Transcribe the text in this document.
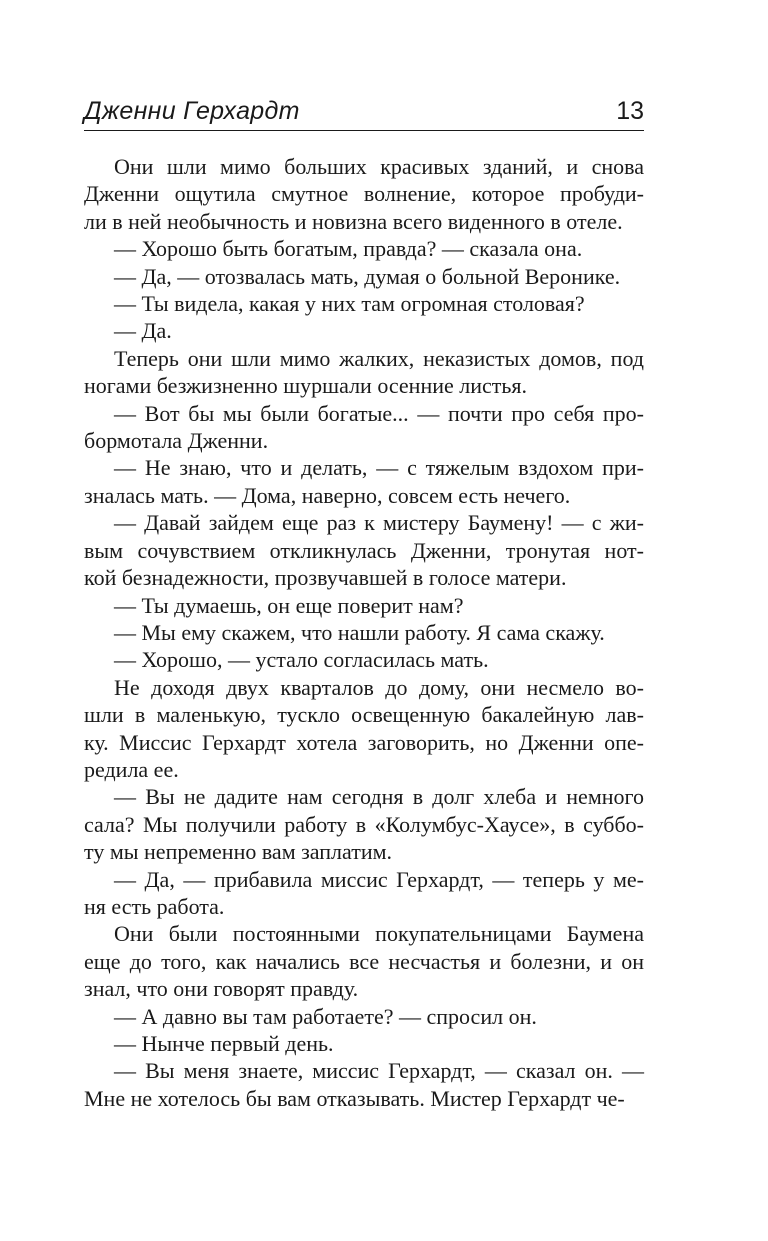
Дженни Герхардт	13
Они шли мимо больших красивых зданий, и снова
Дженни ощутила смутное волнение, которое пробуди-
ли в ней необычность и новизна всего виденного в отеле.
— Хорошо быть богатым, правда? — сказала она.
— Да, — отозвалась мать, думая о больной Веронике.
— Ты видела, какая у них там огромная столовая?
— Да.
Теперь они шли мимо жалких, неказистых домов, под
ногами безжизненно шуршали осенние листья.
— Вот бы мы были богатые... — почти про себя про-
бормотала Дженни.
— Не знаю, что и делать, — с тяжелым вздохом при-
зналась мать. — Дома, наверно, совсем есть нечего.
— Давай зайдем еще раз к мистеру Баумену! — с жи-
вым сочувствием откликнулась Дженни, тронутая нот-
кой безнадежности, прозвучавшей в голосе матери.
— Ты думаешь, он еще поверит нам?
— Мы ему скажем, что нашли работу. Я сама скажу.
— Хорошо, — устало согласилась мать.
Не доходя двух кварталов до дому, они несмело во-
шли в маленькую, тускло освещенную бакалейную лав-
ку. Миссис Герхардт хотела заговорить, но Дженни опе-
редила ее.
— Вы не дадите нам сегодня в долг хлеба и немного
сала? Мы получили работу в «Колумбус-Хаусе», в суббо-
ту мы непременно вам заплатим.
— Да, — прибавила миссис Герхардт, — теперь у ме-
ня есть работа.
Они были постоянными покупательницами Баумена
еще до того, как начались все несчастья и болезни, и он
знал, что они говорят правду.
— А давно вы там работаете? — спросил он.
— Нынче первый день.
— Вы меня знаете, миссис Герхардт, — сказал он. —
Мне не хотелось бы вам отказывать. Мистер Герхардт че-
